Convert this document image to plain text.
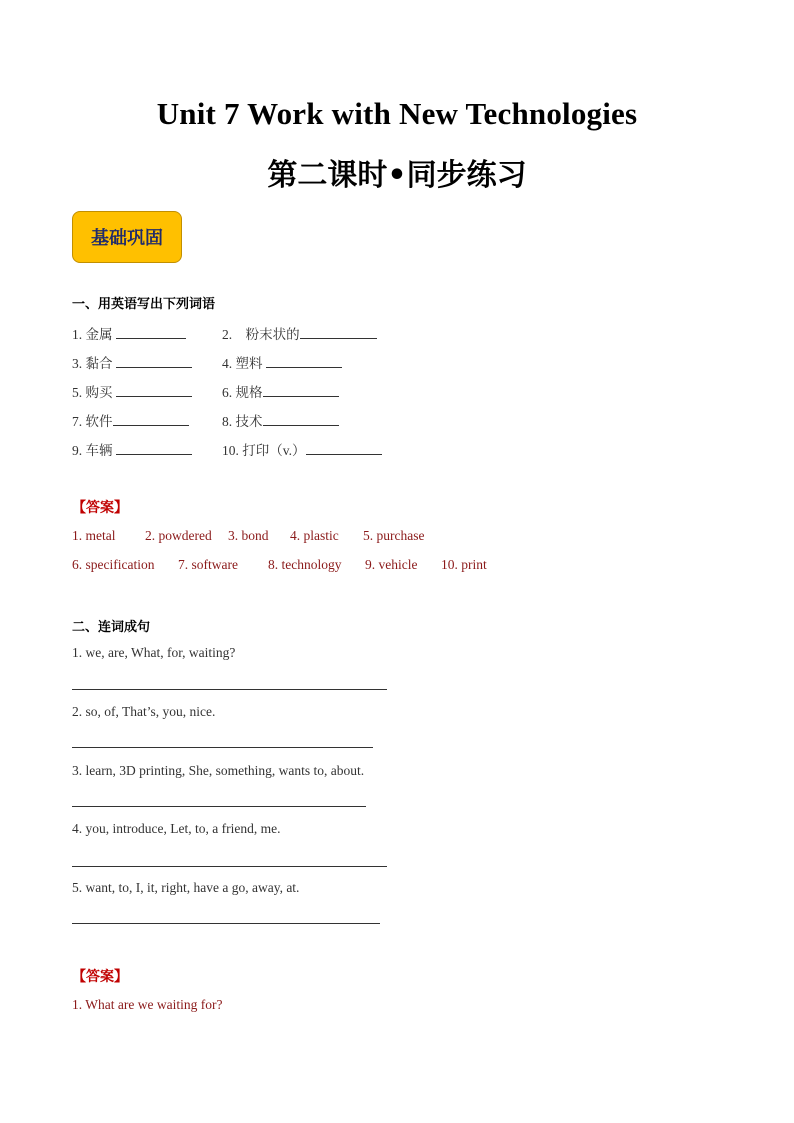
Unit 7 Work with New Technologies
第二课时•同步练习
基础巩固
一、用英语写出下列词语
1. 金属	2.　粉末状的
3. 黏合	4. 塑料
5. 购买	6. 规格
7. 软件	8. 技术
9. 车辆	10. 打印（v.）
【答案】
1. metal 2. powdered 3. bond 4. plastic 5. purchase
6. specification 7. software 8. technology 9. vehicle 10. print
二、连词成句
1. we, are, What, for, waiting?
2. so, of, That’s, you, nice.
3. learn, 3D printing, She, something, wants to, about.
4. you, introduce, Let, to, a friend, me.
5. want, to, I, it, right, have a go, away, at.
【答案】
1. What are we waiting for?
